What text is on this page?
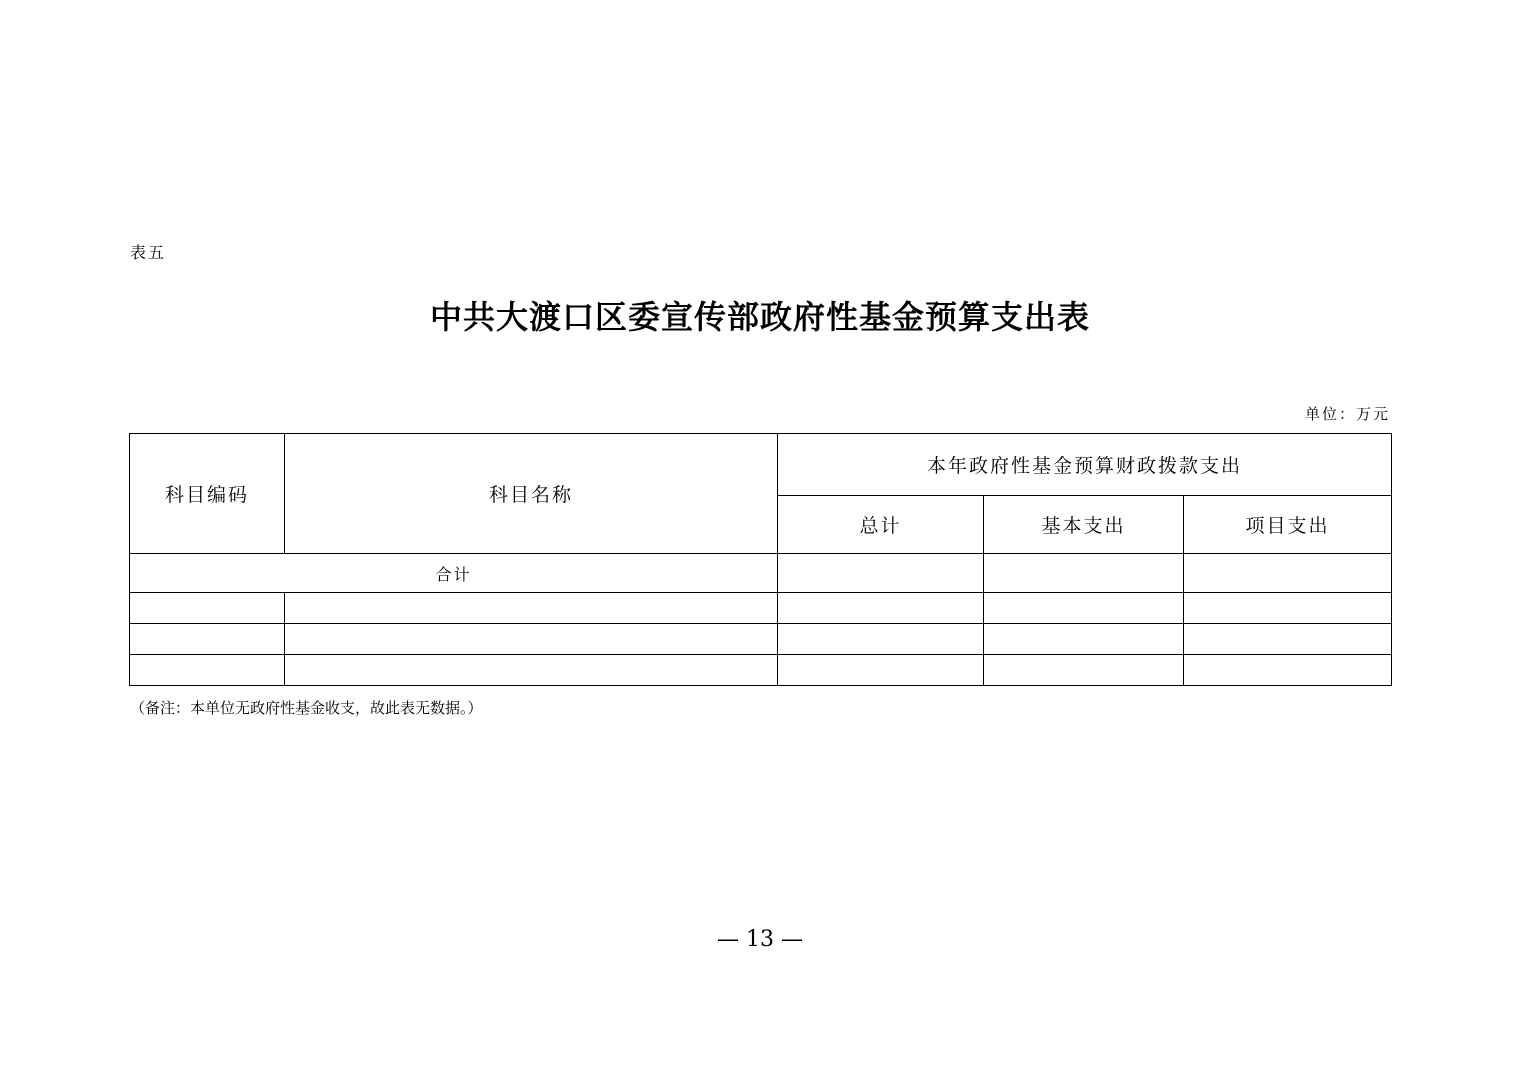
表五
中共大渡口区委宣传部政府性基金预算支出表
单位：万元
科目编码	科目名称	本年政府性基金预算财政拨款支出		
		总计	基本支出	项目支出
合计				

（备注：本单位无政府性基金收支，故此表无数据。）
— 13 —
